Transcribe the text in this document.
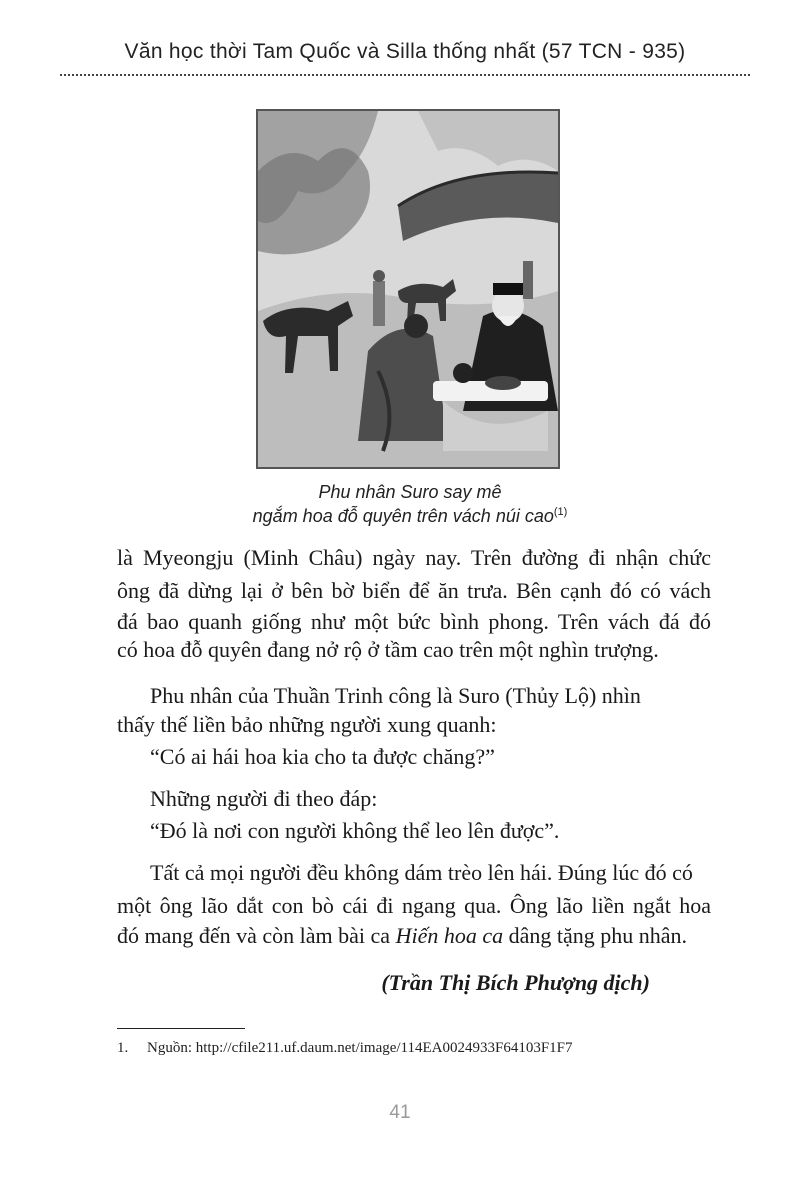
Văn học thời Tam Quốc và Silla thống nhất (57 TCN - 935)
Phu nhân Suro say mê
ngắm hoa đỗ quyên trên vách núi cao$^{(1)}$
là Myeongju (Minh Châu) ngày nay. Trên đường đi nhận chức
ông đã dừng lại ở bên bờ biển để ăn trưa. Bên cạnh đó có vách
đá bao quanh giống như một bức bình phong. Trên vách đá đó
có hoa đỗ quyên đang nở rộ ở tầm cao trên một nghìn trượng.
Phu nhân của Thuần Trinh công là Suro (Thủy Lộ) nhìn
thấy thế liền bảo những người xung quanh:
“Có ai hái hoa kia cho ta được chăng?”
Những người đi theo đáp:
“Đó là nơi con người không thể leo lên được”.
Tất cả mọi người đều không dám trèo lên hái. Đúng lúc đó có
một ông lão dắt con bò cái đi ngang qua. Ông lão liền ngắt hoa
đó mang đến và còn làm bài ca Hiến hoa ca dâng tặng phu nhân.
(Trần Thị Bích Phượng dịch)
1. Nguồn: http://cfile211.uf.daum.net/image/114EA0024933F64103F1F7
41
